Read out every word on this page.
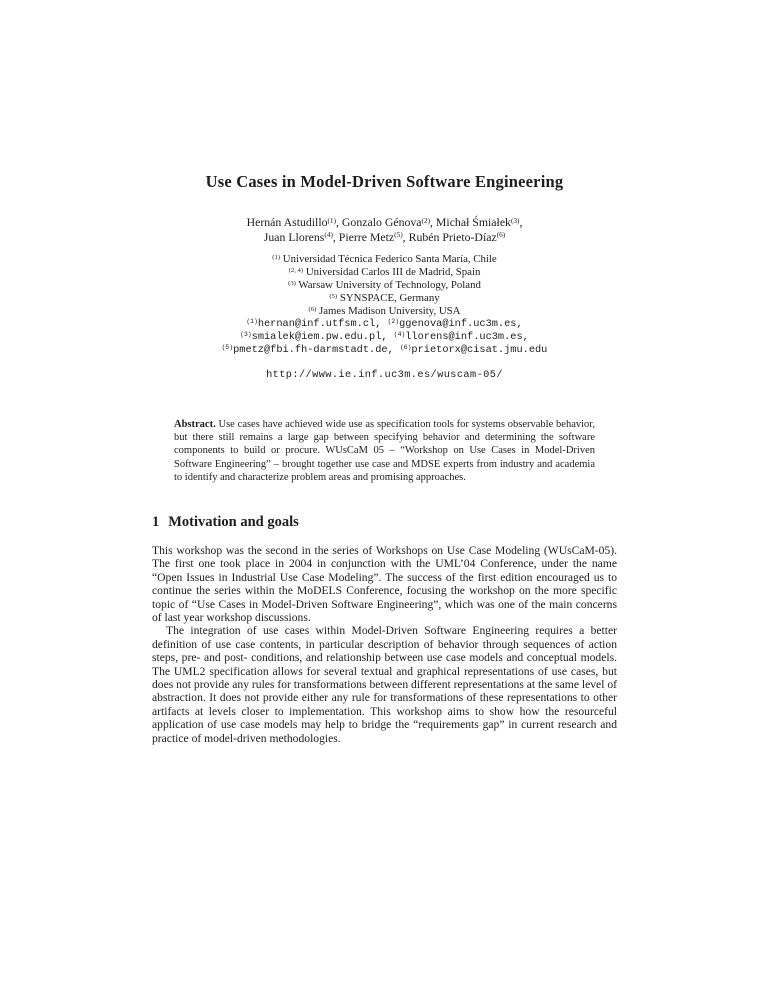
Use Cases in Model-Driven Software Engineering
Hernán Astudillo$^{(1)}$, Gonzalo Génova$^{(2)}$, Michał Śmiałek$^{(3)}$,
Juan Llorens$^{(4)}$, Pierre Metz$^{(5)}$, Rubén Prieto-Díaz$^{(6)}$
$^{(1)}$ Universidad Técnica Federico Santa María, Chile
$^{(2, 4)}$ Universidad Carlos III de Madrid, Spain
$^{(3)}$ Warsaw University of Technology, Poland
$^{(5)}$ SYNSPACE, Germany
$^{(6)}$ James Madison University, USA
$^{(1)}$hernan@inf.utfsm.cl, $^{(2)}$ggenova@inf.uc3m.es,
$^{(3)}$smialek@iem.pw.edu.pl, $^{(4)}$llorens@inf.uc3m.es,
$^{(5)}$pmetz@fbi.fh-darmstadt.de, $^{(6)}$prietorx@cisat.jmu.edu
http://www.ie.inf.uc3m.es/wuscam-05/

Abstract. Use cases have achieved wide use as specification tools for systems observable behavior, but there still remains a large gap between specifying behavior and determining the software components to build or procure. WUsCaM 05 – “Workshop on Use Cases in Model-Driven Software Engineering” – brought together use case and MDSE experts from industry and academia to identify and characterize problem areas and promising approaches.

1 Motivation and goals

This workshop was the second in the series of Workshops on Use Case Modeling (WUsCaM-05). The first one took place in 2004 in conjunction with the UML’04 Conference, under the name “Open Issues in Industrial Use Case Modeling”. The success of the first edition encouraged us to continue the series within the MoDELS Conference, focusing the workshop on the more specific topic of “Use Cases in Model-Driven Software Engineering”, which was one of the main concerns of last year workshop discussions.

The integration of use cases within Model-Driven Software Engineering requires a better definition of use case contents, in particular description of behavior through sequences of action steps, pre- and post- conditions, and relationship between use case models and conceptual models. The UML2 specification allows for several textual and graphical representations of use cases, but does not provide any rules for transformations between different representations at the same level of abstraction. It does not provide either any rule for transformations of these representations to other artifacts at levels closer to implementation. This workshop aims to show how the resourceful application of use case models may help to bridge the “requirements gap” in current research and practice of model-driven methodologies.
